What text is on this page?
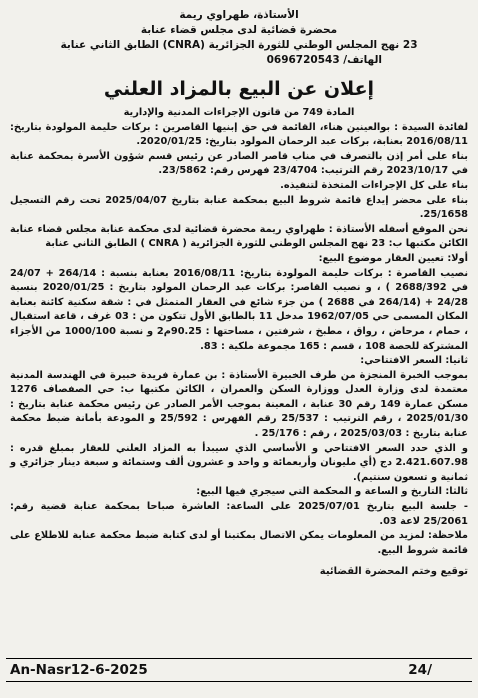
الأستاذة، طهراوي ريمة
محضرة قضائية لدى مجلس قضاء عنابة
23 نهج المجلس الوطني للثورة الجزائرية (CNRA) الطابق الثاني عنابة
الهاتف/ 0696720543
إعلان عن البيع بالمزاد العلني

المادة 749 من قانون الإجراءات المدنية والإدارية

لفائدة السيدة : بوالعينين هناء، القائمة في حق إبنيها القاصرين : بركات حليمة المولودة بتاريخ: 2016/08/11 بعنابة، بركات عبد الرحمان المولود بتاريخ: 2020/01/25.

بناء على أمر إذن بالتصرف في مناب قاصر الصادر عن رئيس قسم شؤون الأسرة بمحكمة عنابة في 2023/10/17 رقم الترتيب: 23/4704 فهرس رقم: 23/5862.

بناء على كل الإجراءات المتخذة لتنفيذه.

بناء على محضر إيداع قائمة شروط البيع بمحكمة عنابة بتاريخ 2025/04/07 تحت رقم التسجيل 25/1658.

نحن الموقع أسفله الأستاذة : طهراوي ريمة محضرة قضائية لدى محكمة عنابة مجلس قضاء عنابة الكائن مكتبها ب: 23 نهج المجلس الوطني للثورة الجزائرية ( CNRA ) الطابق الثاني عنابة

أولا: تعيين العقار موضوع البيع:

نصيب القاصرة : بركات حليمة المولودة بتاريخ: 2016/08/11 بعنابة بنسبة : 264/14 + 24/07 في 2688/392 ) ، و نصيب القاصر: بركات عبد الرحمان المولود بتاريخ : 2020/01/25 بنسبة 24/28 + (264/14 في 2688 ) من جزء شائع في العقار المتمثل في : شقة سكنية كائنة بعنابة المكان المسمى حي 1962/07/05 مدخل 11 بالطابق الأول تتكون من : 03 غرف ، قاعة استقبال ، حمام ، مرحاض ، رواق ، مطبخ ، شرفتين ، مساحتها : 90.25م2 و نسبة 1000/100 من الأجزاء المشتركة للحصة 108 ، قسم : 165 مجموعة ملكية : 83.

ثانيا: السعر الافتتاحي:

بموجب الخبرة المنجزة من طرف الخبيرة الأستاذة : بن عمارة فريدة خبيرة في الهندسة المدنية معتمدة لدى وزارة العدل ووزارة السكن والعمران ، الكائن مكتبها ب: حي الصفصاف 1276 مسكن عمارة 149 رقم 30 عنابة ، المعينة بموجب الأمر الصادر عن رئيس محكمة عنابة بتاريخ : 2025/01/30 ، رقم الترتيب : 25/537 رقم الفهرس : 25/592 و المودعة بأمانة ضبط محكمة عنابة بتاريخ : 2025/03/03 ، رقم : 25/176 .

و الذي حدد السعر الافتتاحي و الأساسي الذي سيبدأ به المزاد العلني للعقار بمبلغ قدره : 2.421.607.98 دج (أي مليونان وأربعمائة و واحد و عشرون ألف وستمائة و سبعة دينار جزائري و ثمانية و تسعون سنتيم).

ثالثا: التاريخ و الساعة و المحكمة التي سيجري فيها البيع:

- جلسة البيع بتاريخ 2025/07/01 على الساعة: العاشرة صباحا بمحكمة عنابة قضية رقم: 25/2061 لاعة 03.

ملاحظة: لمزيد من المعلومات يمكن الاتصال بمكتبنا أو لدى كتابة ضبط محكمة عنابة للاطلاع على قائمة شروط البيع.

توقيع وختم المحضرة القضائية
An-Nasr12-6-2025	24/
